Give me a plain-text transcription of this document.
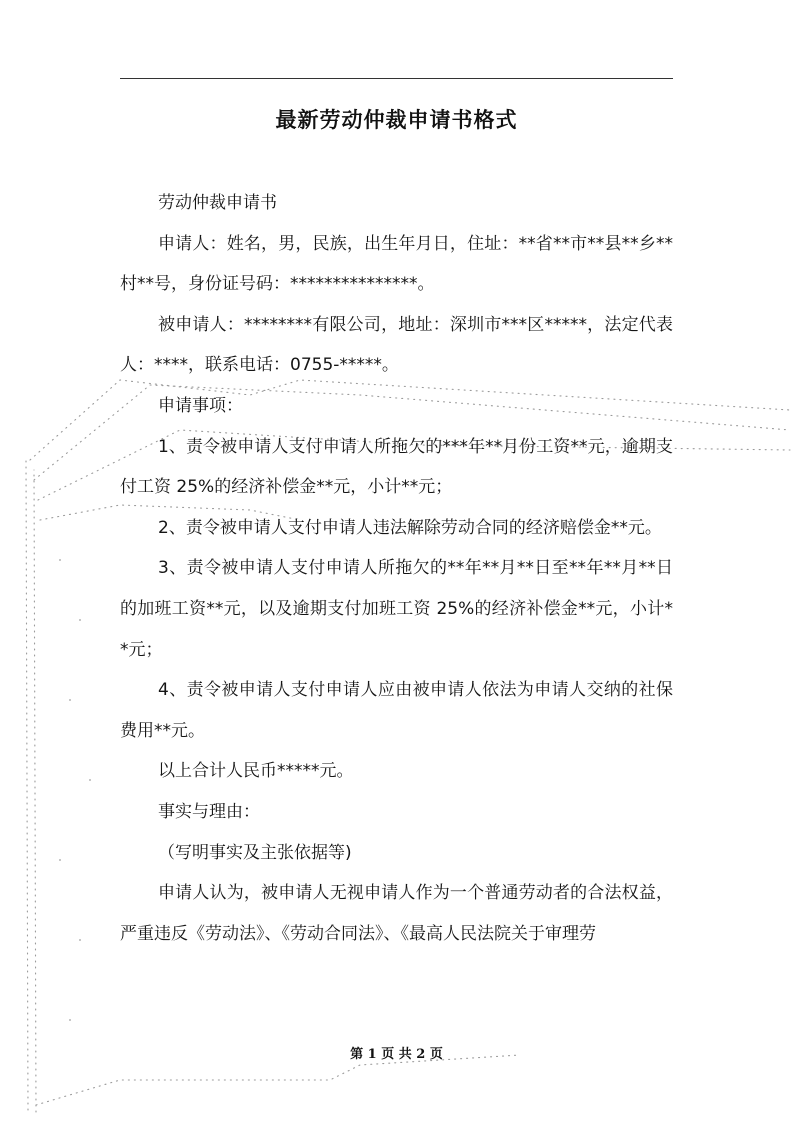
最新劳动仲裁申请书格式

劳动仲裁申请书

申请人：姓名，男，民族，出生年月日，住址：**省**市**县**乡**村**号，身份证号码：***************。

被申请人：********有限公司，地址：深圳市***区*****，法定代表人：****，联系电话：0755-*****。

申请事项：

1、责令被申请人支付申请人所拖欠的***年**月份工资**元，逾期支付工资 25%的经济补偿金**元，小计**元；

2、责令被申请人支付申请人违法解除劳动合同的经济赔偿金**元。

3、责令被申请人支付申请人所拖欠的**年**月**日至**年**月**日的加班工资**元，以及逾期支付加班工资 25%的经济补偿金**元，小计**元；

4、责令被申请人支付申请人应由被申请人依法为申请人交纳的社保费用**元。

以上合计人民币*****元。

事实与理由：

（写明事实及主张依据等)

申请人认为，被申请人无视申请人作为一个普通劳动者的合法权益，严重违反《劳动法》、《劳动合同法》、《最高人民法院关于审理劳

第 1 页 共 2 页
